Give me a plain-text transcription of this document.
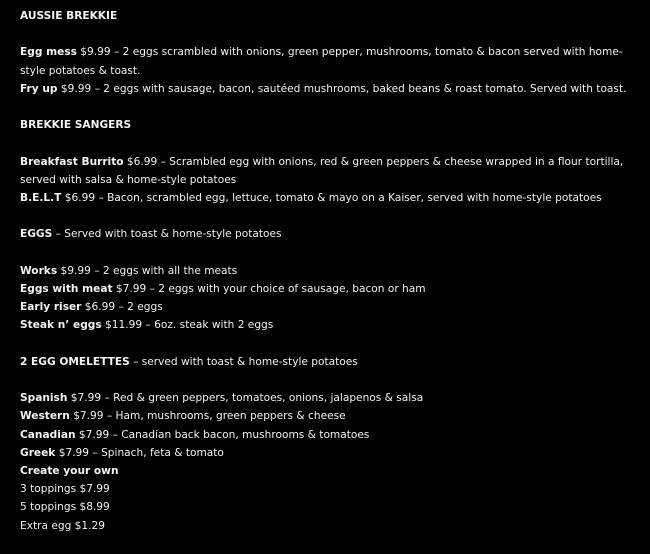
AUSSIE BREKKIE
Egg mess $9.99 – 2 eggs scrambled with onions, green pepper, mushrooms, tomato & bacon served with home-style potatoes & toast.
Fry up $9.99 – 2 eggs with sausage, bacon, sautéed mushrooms, baked beans & roast tomato. Served with toast.
BREKKIE SANGERS
Breakfast Burrito $6.99 – Scrambled egg with onions, red & green peppers & cheese wrapped in a flour tortilla, served with salsa & home-style potatoes
B.E.L.T $6.99 – Bacon, scrambled egg, lettuce, tomato & mayo on a Kaiser, served with home-style potatoes
EGGS – Served with toast & home-style potatoes
Works $9.99 – 2 eggs with all the meats
Eggs with meat $7.99 – 2 eggs with your choice of sausage, bacon or ham
Early riser $6.99 – 2 eggs
Steak n’ eggs $11.99 – 6oz. steak with 2 eggs
2 EGG OMELETTES – served with toast & home-style potatoes
Spanish $7.99 – Red & green peppers, tomatoes, onions, jalapenos & salsa
Western $7.99 – Ham, mushrooms, green peppers & cheese
Canadian $7.99 – Canadian back bacon, mushrooms & tomatoes
Greek $7.99 – Spinach, feta & tomato
Create your own
3 toppings $7.99
5 toppings $8.99
Extra egg $1.29
